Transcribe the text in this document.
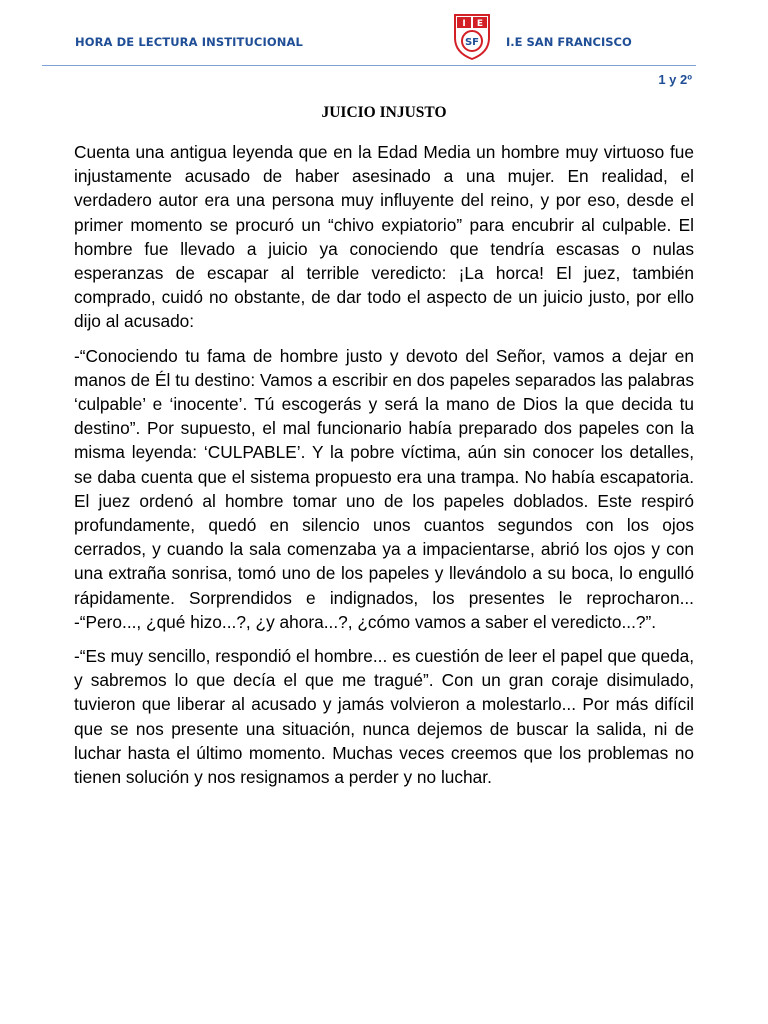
HORA DE LECTURA INSTITUCIONAL
I E
SF I.E SAN FRANCISCO
1 y 2º
JUICIO INJUSTO

Cuenta una antigua leyenda que en la Edad Media un hombre muy virtuoso fue injustamente acusado de haber asesinado a una mujer. En realidad, el verdadero autor era una persona muy influyente del reino, y por eso, desde el primer momento se procuró un “chivo expiatorio” para encubrir al culpable. El hombre fue llevado a juicio ya conociendo que tendría escasas o nulas esperanzas de escapar al terrible veredicto: ¡La horca! El juez, también comprado, cuidó no obstante, de dar todo el aspecto de un juicio justo, por ello dijo al acusado:

-“Conociendo tu fama de hombre justo y devoto del Señor, vamos a dejar en manos de Él tu destino: Vamos a escribir en dos papeles separados las palabras ‘culpable’ e ‘inocente’. Tú escogerás y será la mano de Dios la que decida tu destino”. Por supuesto, el mal funcionario había preparado dos papeles con la misma leyenda: ‘CULPABLE’. Y la pobre víctima, aún sin conocer los detalles, se daba cuenta que el sistema propuesto era una trampa. No había escapatoria. El juez ordenó al hombre tomar uno de los papeles doblados. Este respiró profundamente, quedó en silencio unos cuantos segundos con los ojos cerrados, y cuando la sala comenzaba ya a impacientarse, abrió los ojos y con una extraña sonrisa, tomó uno de los papeles y llevándolo a su boca, lo engulló rápidamente. Sorprendidos e indignados, los presentes le reprocharon... -“Pero..., ¿qué hizo...?, ¿y ahora...?, ¿cómo vamos a saber el veredicto...?”.

-“Es muy sencillo, respondió el hombre... es cuestión de leer el papel que queda, y sabremos lo que decía el que me tragué”. Con un gran coraje disimulado, tuvieron que liberar al acusado y jamás volvieron a molestarlo... Por más difícil que se nos presente una situación, nunca dejemos de buscar la salida, ni de luchar hasta el último momento. Muchas veces creemos que los problemas no tienen solución y nos resignamos a perder y no luchar.
